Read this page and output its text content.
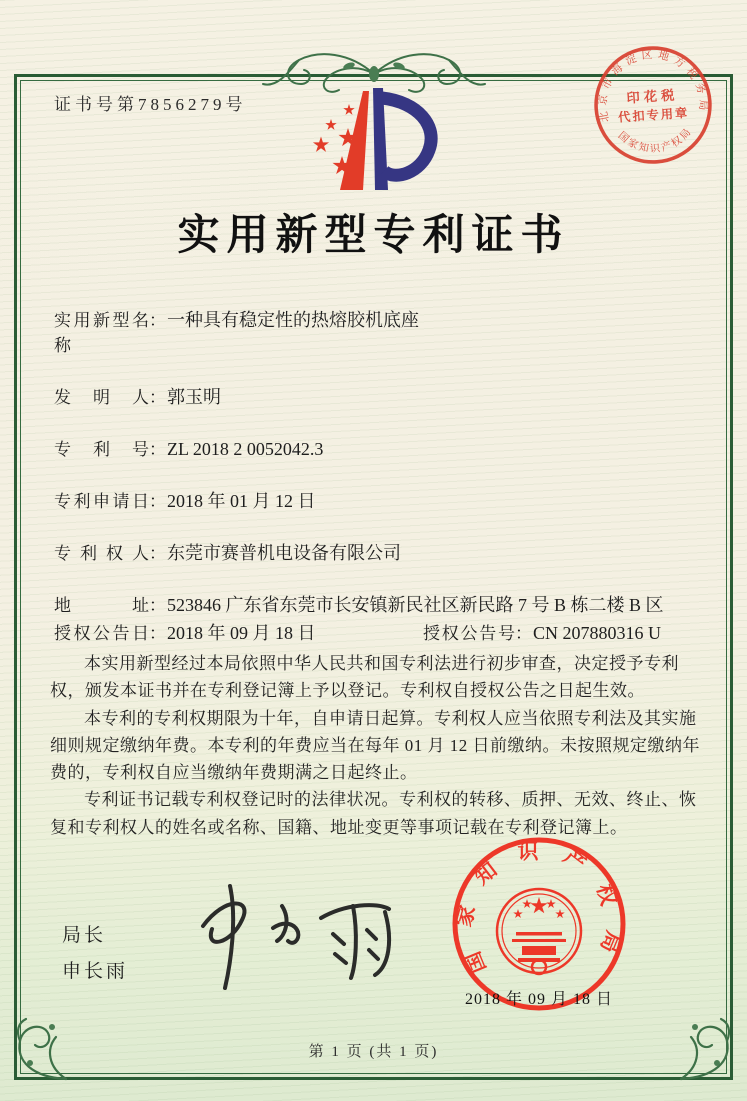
证书号第7856279号
北京市海淀区地方税务局
国家知识产权局
印花税
代扣专用章
实用新型专利证书
实用新型名称
： 一种具有稳定性的热熔胶机底座
发明人 ： 郭玉明
专利号 ： ZL 2018 2 0052042.3
专利申请日 ： 2018 年 01 月 12 日
专利权人 ： 东莞市赛普机电设备有限公司
地址 ： 523846 广东省东莞市长安镇新民社区新民路 7 号 B 栋二楼 B 区
授权公告日 ： 2018 年 09 月 18 日	授权公告号 ： CN 207880316 U

本实用新型经过本局依照中华人民共和国专利法进行初步审查，决定授予专利权，颁发本证书并在专利登记簿上予以登记。专利权自授权公告之日起生效。

本专利的专利权期限为十年，自申请日起算。专利权人应当依照专利法及其实施细则规定缴纳年费。本专利的年费应当在每年 01 月 12 日前缴纳。未按照规定缴纳年费的，专利权自应当缴纳年费期满之日起终止。

专利证书记载专利权登记时的法律状况。专利权的转移、质押、无效、终止、恢复和专利权人的姓名或名称、国籍、地址变更等事项记载在专利登记簿上。

局长
申长雨	国家知识产权局
2018 年 09 月 18 日
第 1 页 (共 1 页)
